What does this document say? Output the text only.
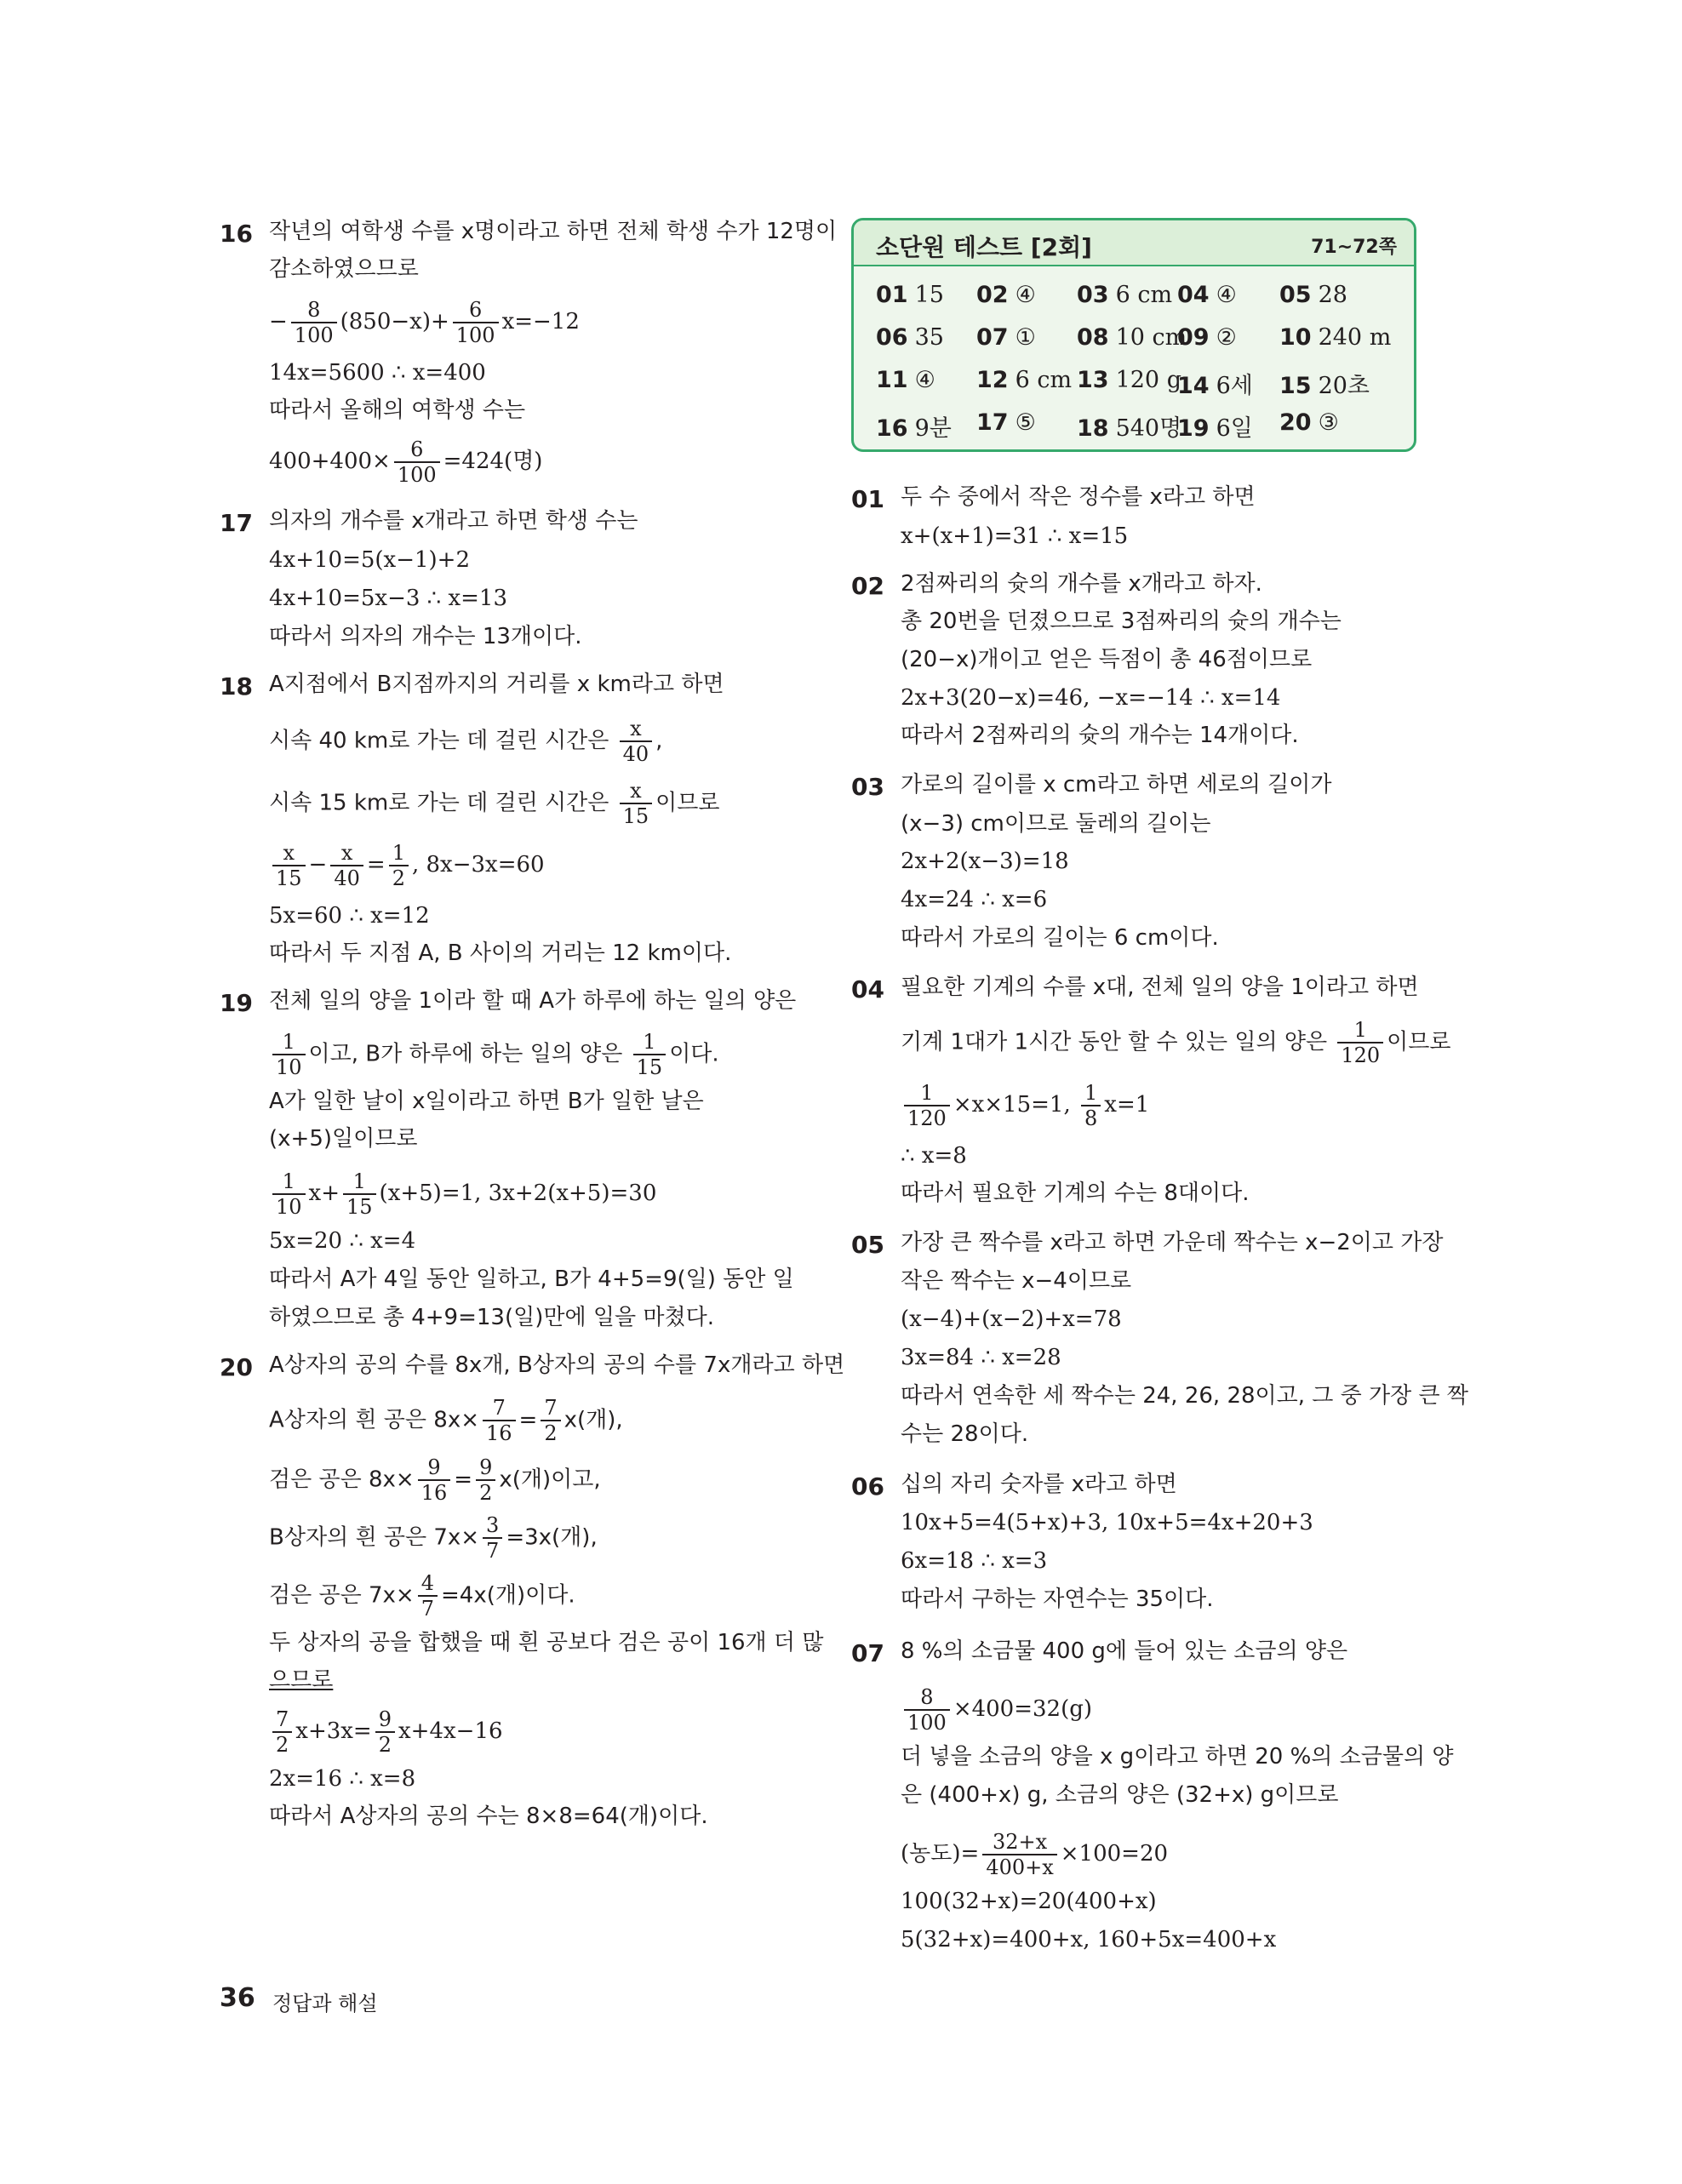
16 작년의 여학생 수를 x명이라고 하면 전체 학생 수가 12명이
감소하였으므로
− $\frac{8}{100} (850-x)+ \frac{6}{100} x=-12$
14x=5600 ∴ x=400
따라서 올해의 여학생 수는
$400+400\times \frac{6}{100} =424$(명)
17 의자의 개수를 x개라고 하면 학생 수는
4x+10=5(x−1)+2
4x+10=5x−3 ∴ x=13
따라서 의자의 개수는 13개이다.
18 A지점에서 B지점까지의 거리를 x km라고 하면
시속 40 km로 가는 데 걸린 시간은 $\frac{x}{40}$ ,
시속 15 km로 가는 데 걸린 시간은 $\frac{x}{15}$ 이므로
$\frac{x}{15} - \frac{x}{40} = \frac{1}{2}$ , 8x−3x=60
5x=60 ∴ x=12
따라서 두 지점 A, B 사이의 거리는 12 km이다.
19 전체 일의 양을 1이라 할 때 A가 하루에 하는 일의 양은
$\frac{1}{10}$ 이고, B가 하루에 하는 일의 양은 $\frac{1}{15}$ 이다.
A가 일한 날이 x일이라고 하면 B가 일한 날은
(x+5)일이므로
$\frac{1}{10} x+ \frac{1}{15} (x+5)=1$, 3x+2(x+5)=30
5x=20 ∴ x=4
따라서 A가 4일 동안 일하고, B가 4+5=9(일) 동안 일
하였으므로 총 4+9=13(일)만에 일을 마쳤다.
20 A상자의 공의 수를 8x개, B상자의 공의 수를 7x개라고 하면
A상자의 흰 공은 $8x\times \frac{7}{16} = \frac{7}{2} x$(개),
검은 공은 $8x\times \frac{9}{16} = \frac{9}{2} x$(개)이고,
B상자의 흰 공은 $7x\times \frac{3}{7} =3x$(개),
검은 공은 $7x\times \frac{4}{7} =4x$(개)이다.
두 상자의 공을 합했을 때 흰 공보다 검은 공이 16개 더 많
으므로
$\frac{7}{2} x+3x= \frac{9}{2} x+4x-16$
2x=16 ∴ x=8
따라서 A상자의 공의 수는 8×8=64(개)이다.
소단원 테스트 [2회]	71~72쪽
01 15 02 ④ 03 6 cm 04 ④ 05 28
06 35 07 ① 08 10 cm
09 ② 10 240 m
11 ④ 12 6 cm 13 120 g
14 6세 15 20초
16 9분 17 ⑤ 18 540명
19 6일 20 ③
01 두 수 중에서 작은 정수를 x라고 하면
x+(x+1)=31 ∴ x=15
02 2점짜리의 슛의 개수를 x개라고 하자.
총 20번을 던졌으므로 3점짜리의 슛의 개수는
(20−x)개이고 얻은 득점이 총 46점이므로
2x+3(20−x)=46, −x=−14 ∴ x=14
따라서 2점짜리의 슛의 개수는 14개이다.
03 가로의 길이를 x cm라고 하면 세로의 길이가
(x−3) cm이므로 둘레의 길이는
2x+2(x−3)=18
4x=24 ∴ x=6
따라서 가로의 길이는 6 cm이다.
04 필요한 기계의 수를 x대, 전체 일의 양을 1이라고 하면
기계 1대가 1시간 동안 할 수 있는 일의 양은 $\frac{1}{120}$ 이므로
$\frac{1}{120} \times x\times 15=1$, $\frac{1}{8} x=1$
∴ x=8
따라서 필요한 기계의 수는 8대이다.
05 가장 큰 짝수를 x라고 하면 가운데 짝수는 x−2이고 가장
작은 짝수는 x−4이므로
(x−4)+(x−2)+x=78
3x=84 ∴ x=28
따라서 연속한 세 짝수는 24, 26, 28이고, 그 중 가장 큰 짝
수는 28이다.
06 십의 자리 숫자를 x라고 하면
10x+5=4(5+x)+3, 10x+5=4x+20+3
6x=18 ∴ x=3
따라서 구하는 자연수는 35이다.
07 8 %의 소금물 400 g에 들어 있는 소금의 양은
$\frac{8}{100} \times 400=32(g)$
더 넣을 소금의 양을 x g이라고 하면 20 %의 소금물의 양
은 (400+x) g, 소금의 양은 (32+x) g이므로
(농도)= $\frac{32+x}{400+x} \times 100=20$
100(32+x)=20(400+x)
5(32+x)=400+x, 160+5x=400+x
36 정답과 해설
